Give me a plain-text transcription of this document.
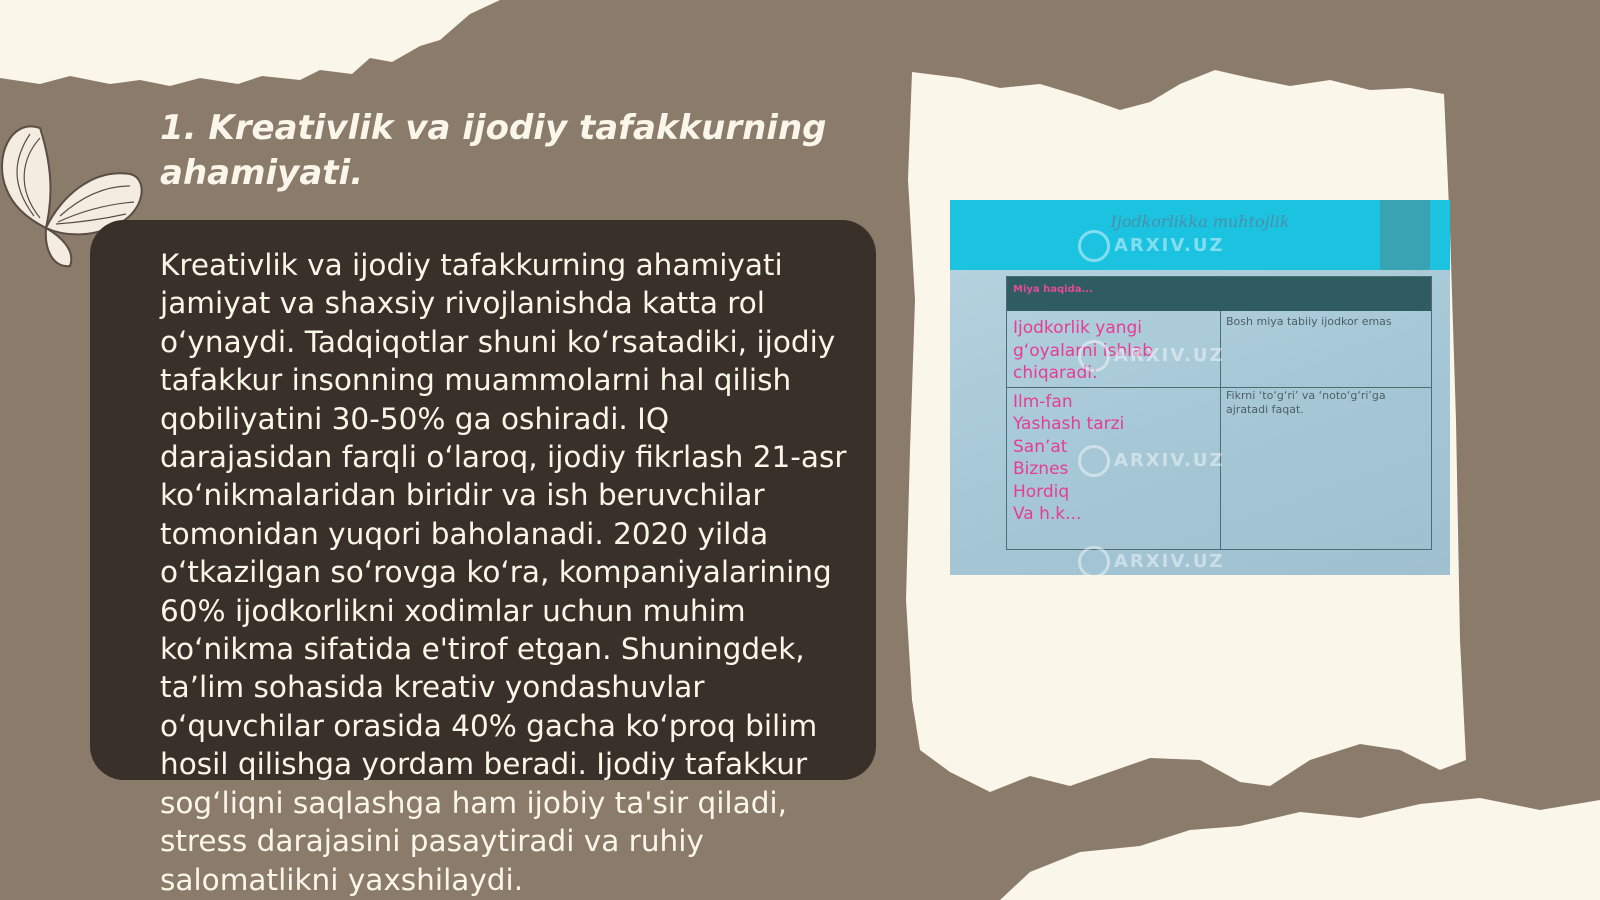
1. Kreativlik va ijodiy tafakkurning ahamiyati.

Kreativlik va ijodiy tafakkurning ahamiyati jamiyat va shaxsiy rivojlanishda katta rol o‘ynaydi. Tadqiqotlar shuni ko‘rsatadiki, ijodiy tafakkur insonning muammolarni hal qilish qobiliyatini 30-50% ga oshiradi. IQ darajasidan farqli o‘laroq, ijodiy fikrlash 21-asr ko‘nikmalaridan biridir va ish beruvchilar tomonidan yuqori baholanadi. 2020 yilda o‘tkazilgan so‘rovga ko‘ra, kompaniyalarining 60% ijodkorlikni xodimlar uchun muhim ko‘nikma sifatida e'tirof etgan. Shuningdek, ta’lim sohasida kreativ yondashuvlar o‘quvchilar orasida 40% gacha ko‘proq bilim hosil qilishga yordam beradi. Ijodiy tafakkur sog‘liqni saqlashga ham ijobiy ta'sir qiladi, stress darajasini pasaytiradi va ruhiy salomatlikni yaxshilaydi.

Ijodkorlikka muhtojlik
Miya haqida...

Ijodkorlik yangi g‘oyalarni ishlab chiqaradi:

Bosh miya tabiiy ijodkor emas

Ilm-fan
Yashash tarzi
San’at
Biznes
Hordiq
Va h.k...

Fikrni ‘to‘g‘ri’ va ‘noto‘g‘ri’ga ajratadi faqat.

ARXIV.UZ
ARXIV.UZ
ARXIV.UZ
ARXIV.UZ
